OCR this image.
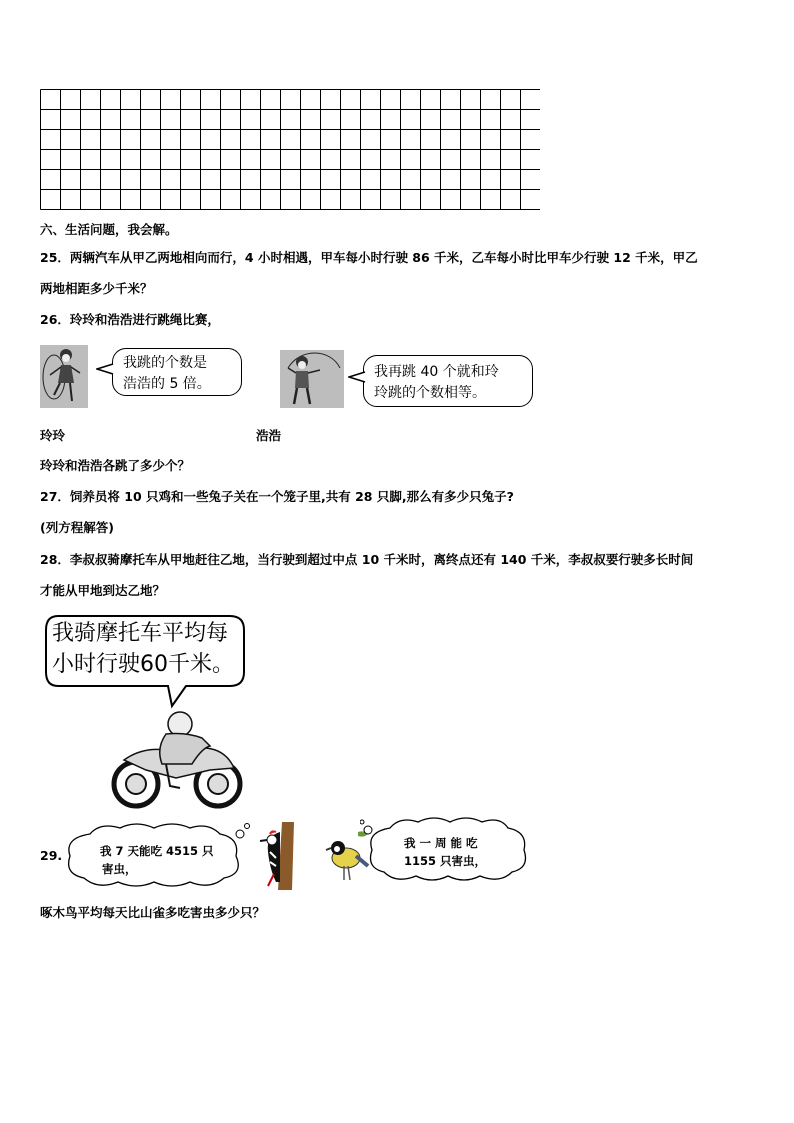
六、生活问题，我会解。
25．两辆汽车从甲乙两地相向而行，4 小时相遇，甲车每小时行驶 86 千米，乙车每小时比甲车少行驶 12 千米，甲乙
两地相距多少千米？
26．玲玲和浩浩进行跳绳比赛，
我跳的个数是
浩浩的 5 倍。
我再跳 40 个就和玲
玲跳的个数相等。
玲玲	浩浩
玲玲和浩浩各跳了多少个？
27．饲养员将 10 只鸡和一些兔子关在一个笼子里,共有 28 只脚,那么有多少只兔子?
(列方程解答)
28．李叔叔骑摩托车从甲地赶往乙地，当行驶到超过中点 10 千米时，离终点还有 140 千米，李叔叔要行驶多长时间
才能从甲地到达乙地？
我骑摩托车平均每
小时行驶60千米。
29.	我 7 天能吃 4515 只
害虫，
我 一 周 能 吃
1155 只害虫，
啄木鸟平均每天比山雀多吃害虫多少只？
